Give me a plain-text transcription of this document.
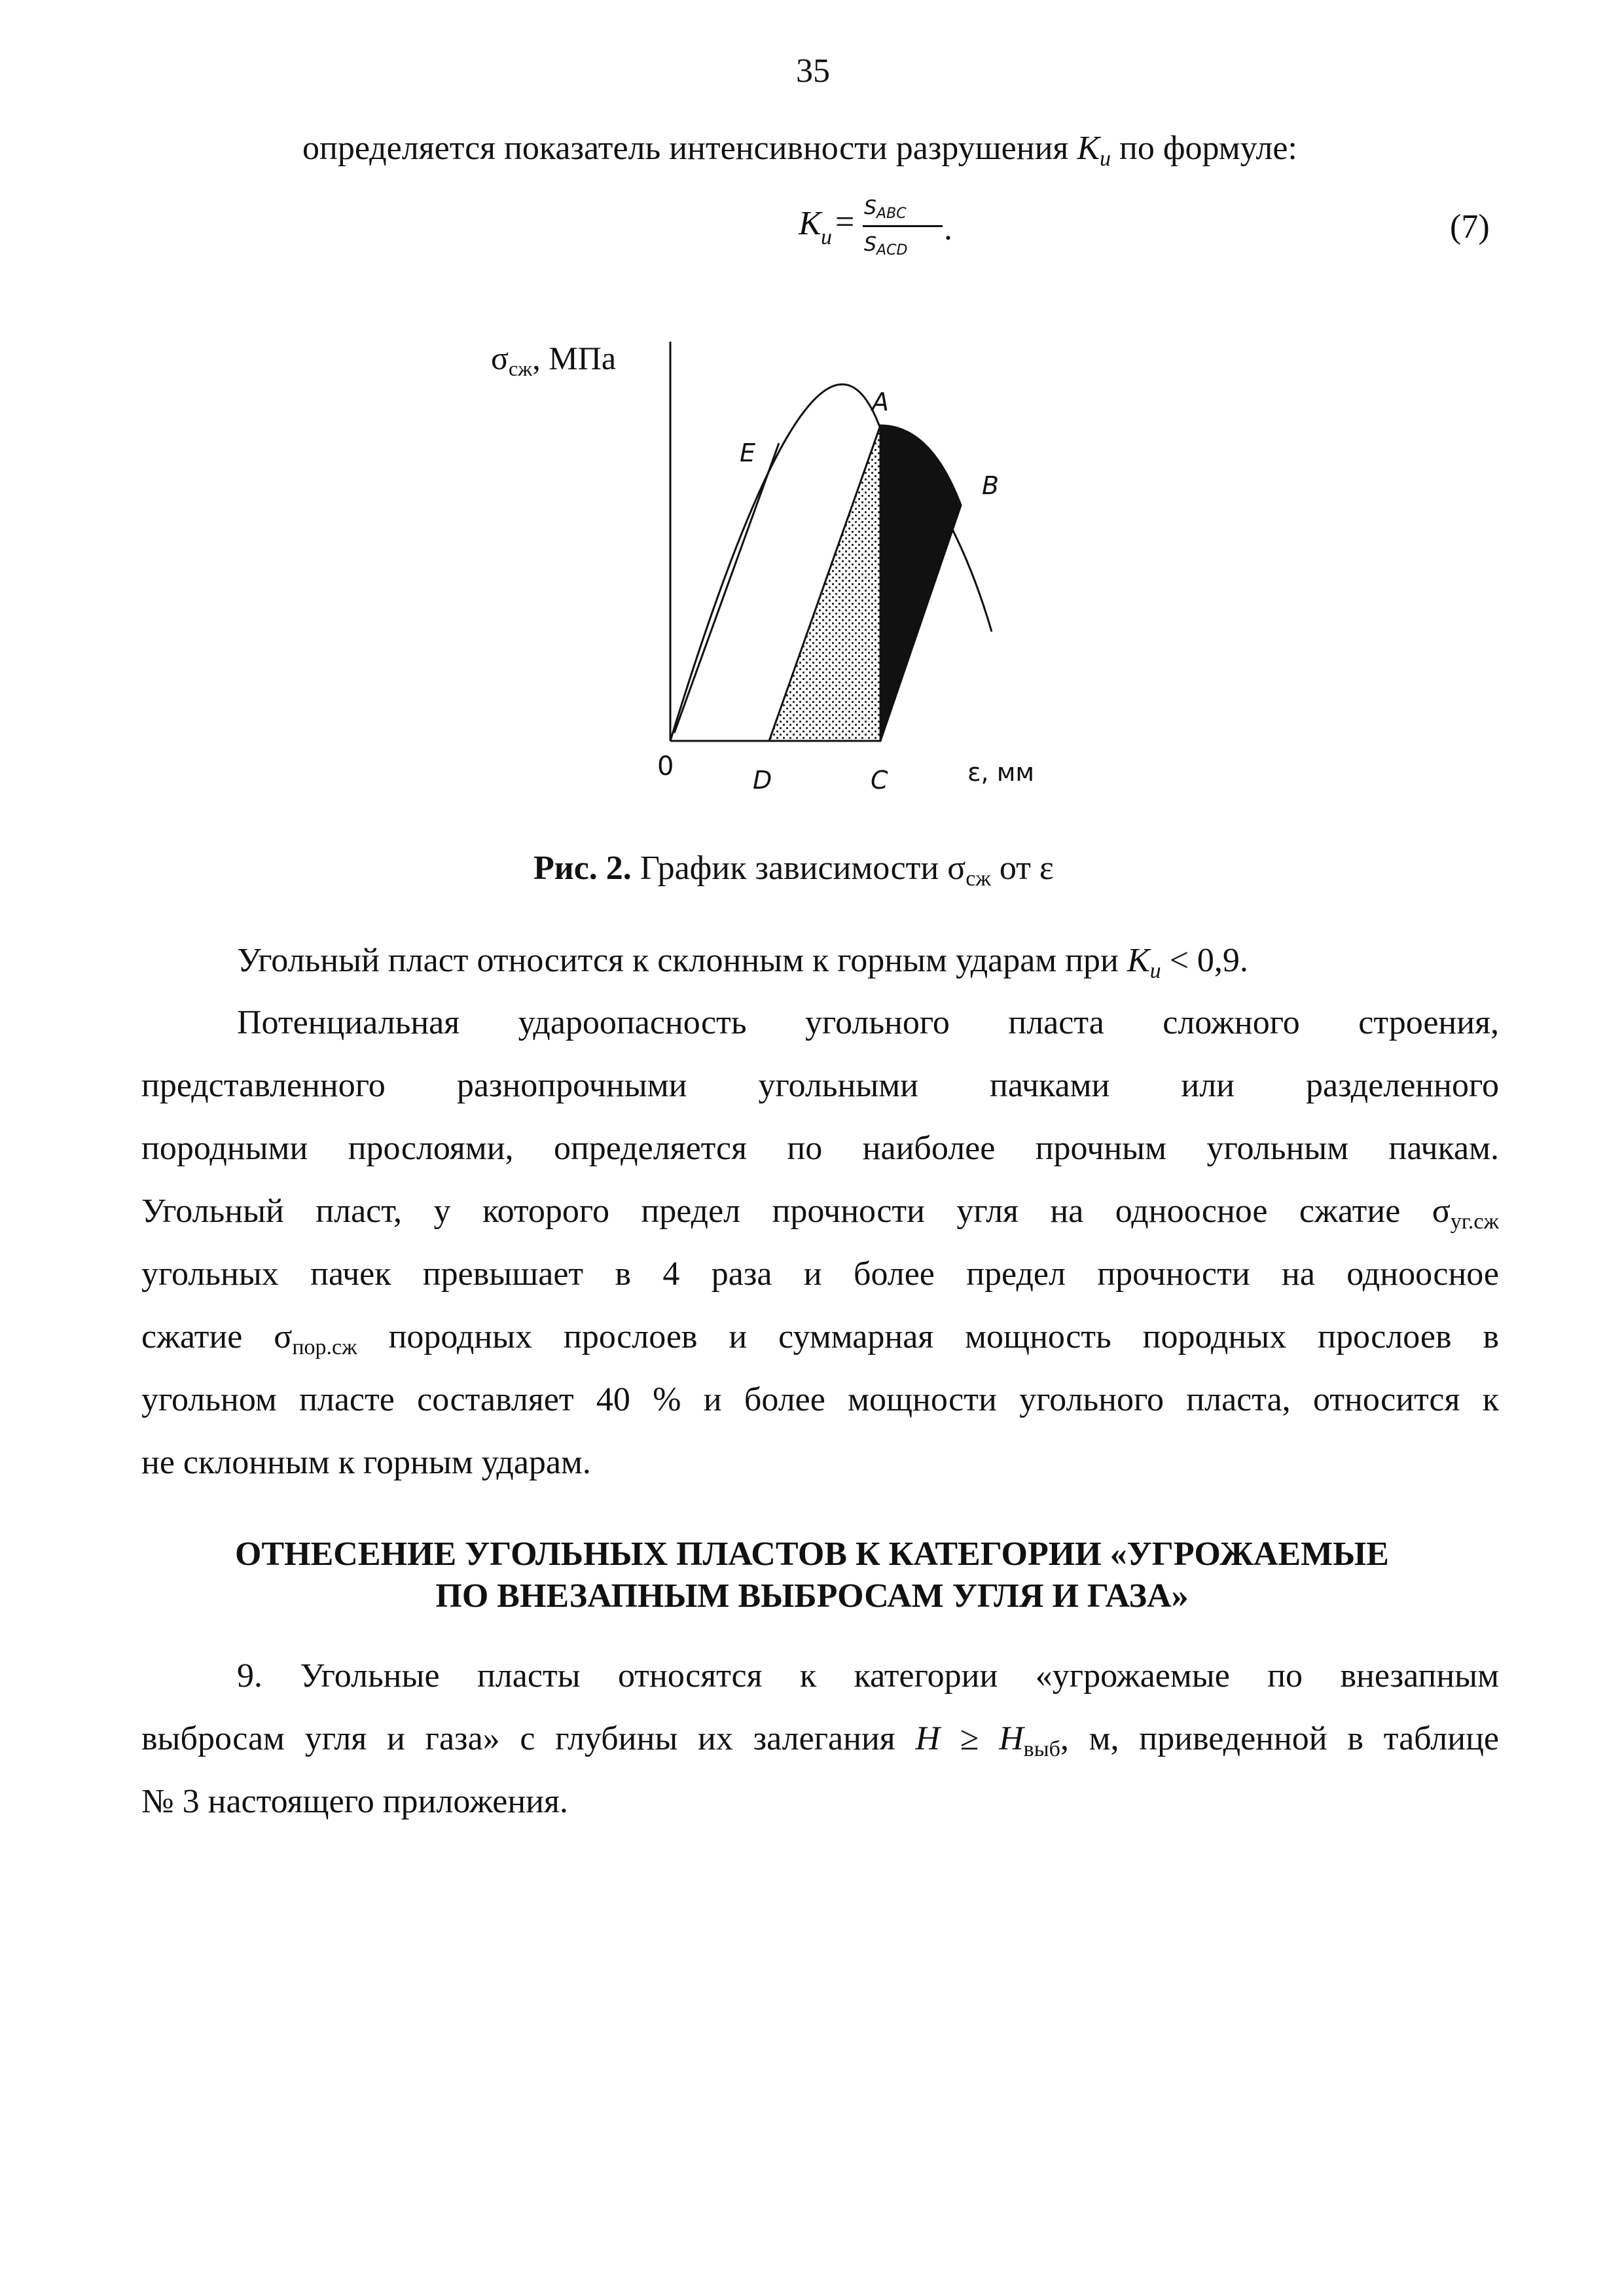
35
определяется показатель интенсивности разрушения $K_и$ по формуле:
K $и = S_{ABC}$
$S_{ACD}$
.	(7)
$\sigma_{сж}$, МПа
A
E
B
0	D	C	ε, мм
Рис. 2. График зависимости $\sigma_{сж}$ от ε
Угольный пласт относится к склонным к горным ударам при $K_и < 0,9$.
Потенциальная удароопасность угольного пласта сложного строения,
представленного разнопрочными угольными пачками или разделенного
породными прослоями, определяется по наиболее прочным угольным пачкам.
Угольный пласт, у которого предел прочности угля на одноосное сжатие $\sigma_{уг.сж}$
угольных пачек превышает в 4 раза и более предел прочности на одноосное
сжатие $\sigma_{пор.сж}$ породных прослоев и суммарная мощность породных прослоев в
угольном пласте составляет 40 % и более мощности угольного пласта, относится к
не склонным к горным ударам.
ОТНЕСЕНИЕ УГОЛЬНЫХ ПЛАСТОВ К КАТЕГОРИИ «УГРОЖАЕМЫЕ
ПО ВНЕЗАПНЫМ ВЫБРОСАМ УГЛЯ И ГАЗА»
9. Угольные пласты относятся к категории «угрожаемые по внезапным
выбросам угля и газа» с глубины их залегания $H \ge H_{выб}$, м, приведенной в таблице
№ 3 настоящего приложения.
